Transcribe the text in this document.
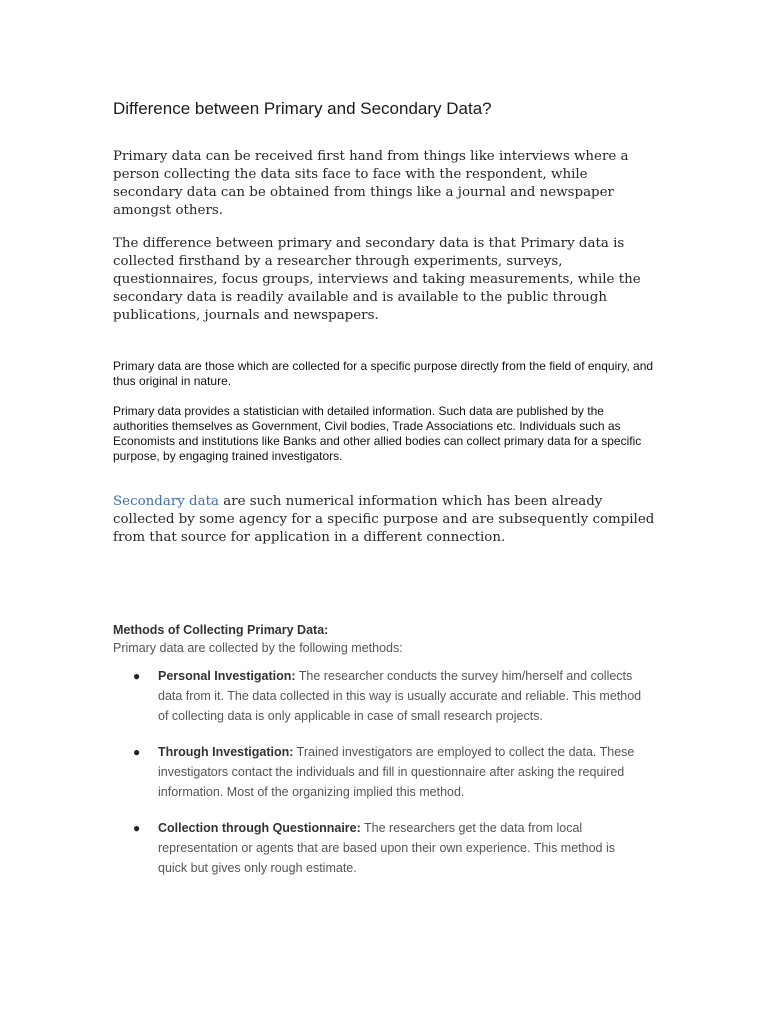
Difference between Primary and Secondary Data?

Primary data can be received first hand from things like interviews where a person collecting the data sits face to face with the respondent, while secondary data can be obtained from things like a journal and newspaper amongst others.

The difference between primary and secondary data is that Primary data is collected firsthand by a researcher through experiments, surveys, questionnaires, focus groups, interviews and taking measurements, while the secondary data is readily available and is available to the public through publications, journals and newspapers.

Primary data are those which are collected for a specific purpose directly from the field of enquiry, and thus original in nature.

Primary data provides a statistician with detailed information. Such data are published by the authorities themselves as Government, Civil bodies, Trade Associations etc. Individuals such as Economists and institutions like Banks and other allied bodies can collect primary data for a specific purpose, by engaging trained investigators.

Secondary data are such numerical information which has been already collected by some agency for a specific purpose and are subsequently compiled from that source for application in a different connection.

Methods of Collecting Primary Data:

Primary data are collected by the following methods:

● Personal Investigation: The researcher conducts the survey him/herself and collects data from it. The data collected in this way is usually accurate and reliable. This method of collecting data is only applicable in case of small research projects.
● Through Investigation: Trained investigators are employed to collect the data. These investigators contact the individuals and fill in questionnaire after asking the required information. Most of the organizing implied this method.
● Collection through Questionnaire: The researchers get the data from local representation or agents that are based upon their own experience. This method is quick but gives only rough estimate.
